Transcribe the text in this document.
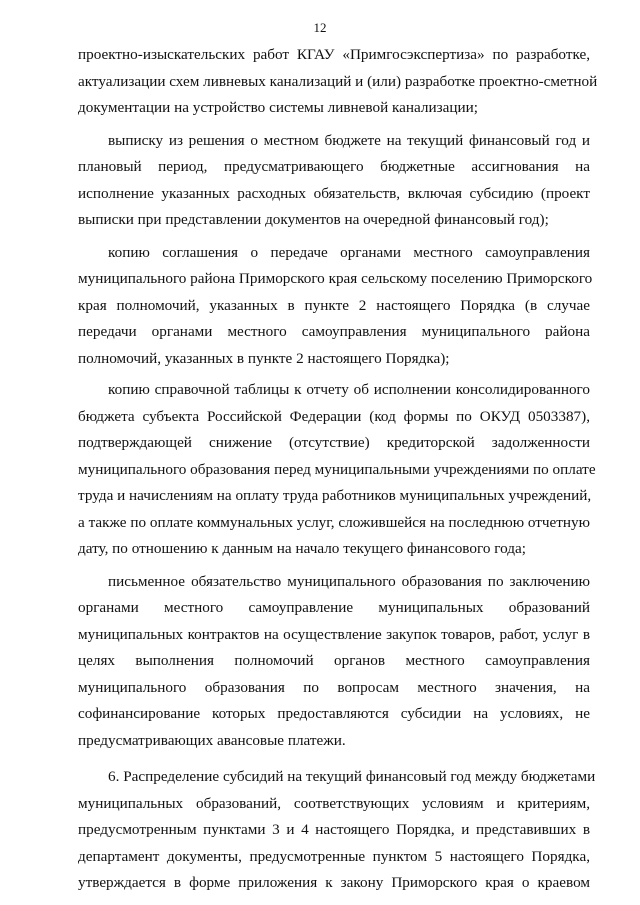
12
проектно-изыскательских работ КГАУ «Примгосэкспертиза» по разработке,
актуализации схем ливневых канализаций и (или) разработке проектно-сметной
документации на устройство системы ливневой канализации;
выписку из решения о местном бюджете на текущий финансовый год и
плановый период, предусматривающего бюджетные ассигнования на
исполнение указанных расходных обязательств, включая субсидию (проект
выписки при представлении документов на очередной финансовый год);
копию соглашения о передаче органами местного самоуправления
муниципального района Приморского края сельскому поселению Приморского
края полномочий, указанных в пункте 2 настоящего Порядка (в случае
передачи органами местного самоуправления муниципального района
полномочий, указанных в пункте 2 настоящего Порядка);
копию справочной таблицы к отчету об исполнении консолидированного
бюджета субъекта Российской Федерации (код формы по ОКУД 0503387),
подтверждающей снижение (отсутствие) кредиторской задолженности
муниципального образования перед муниципальными учреждениями по оплате
труда и начислениям на оплату труда работников муниципальных учреждений,
а также по оплате коммунальных услуг, сложившейся на последнюю отчетную
дату, по отношению к данным на начало текущего финансового года;
письменное обязательство муниципального образования по заключению
органами местного самоуправление муниципальных образований
муниципальных контрактов на осуществление закупок товаров, работ, услуг в
целях выполнения полномочий органов местного самоуправления
муниципального образования по вопросам местного значения, на
софинансирование которых предоставляются субсидии на условиях, не
предусматривающих авансовые платежи.
6. Распределение субсидий на текущий финансовый год между бюджетами
муниципальных образований, соответствующих условиям и критериям,
предусмотренным пунктами 3 и 4 настоящего Порядка, и представивших в
департамент документы, предусмотренные пунктом 5 настоящего Порядка,
утверждается в форме приложения к закону Приморского края о краевом
